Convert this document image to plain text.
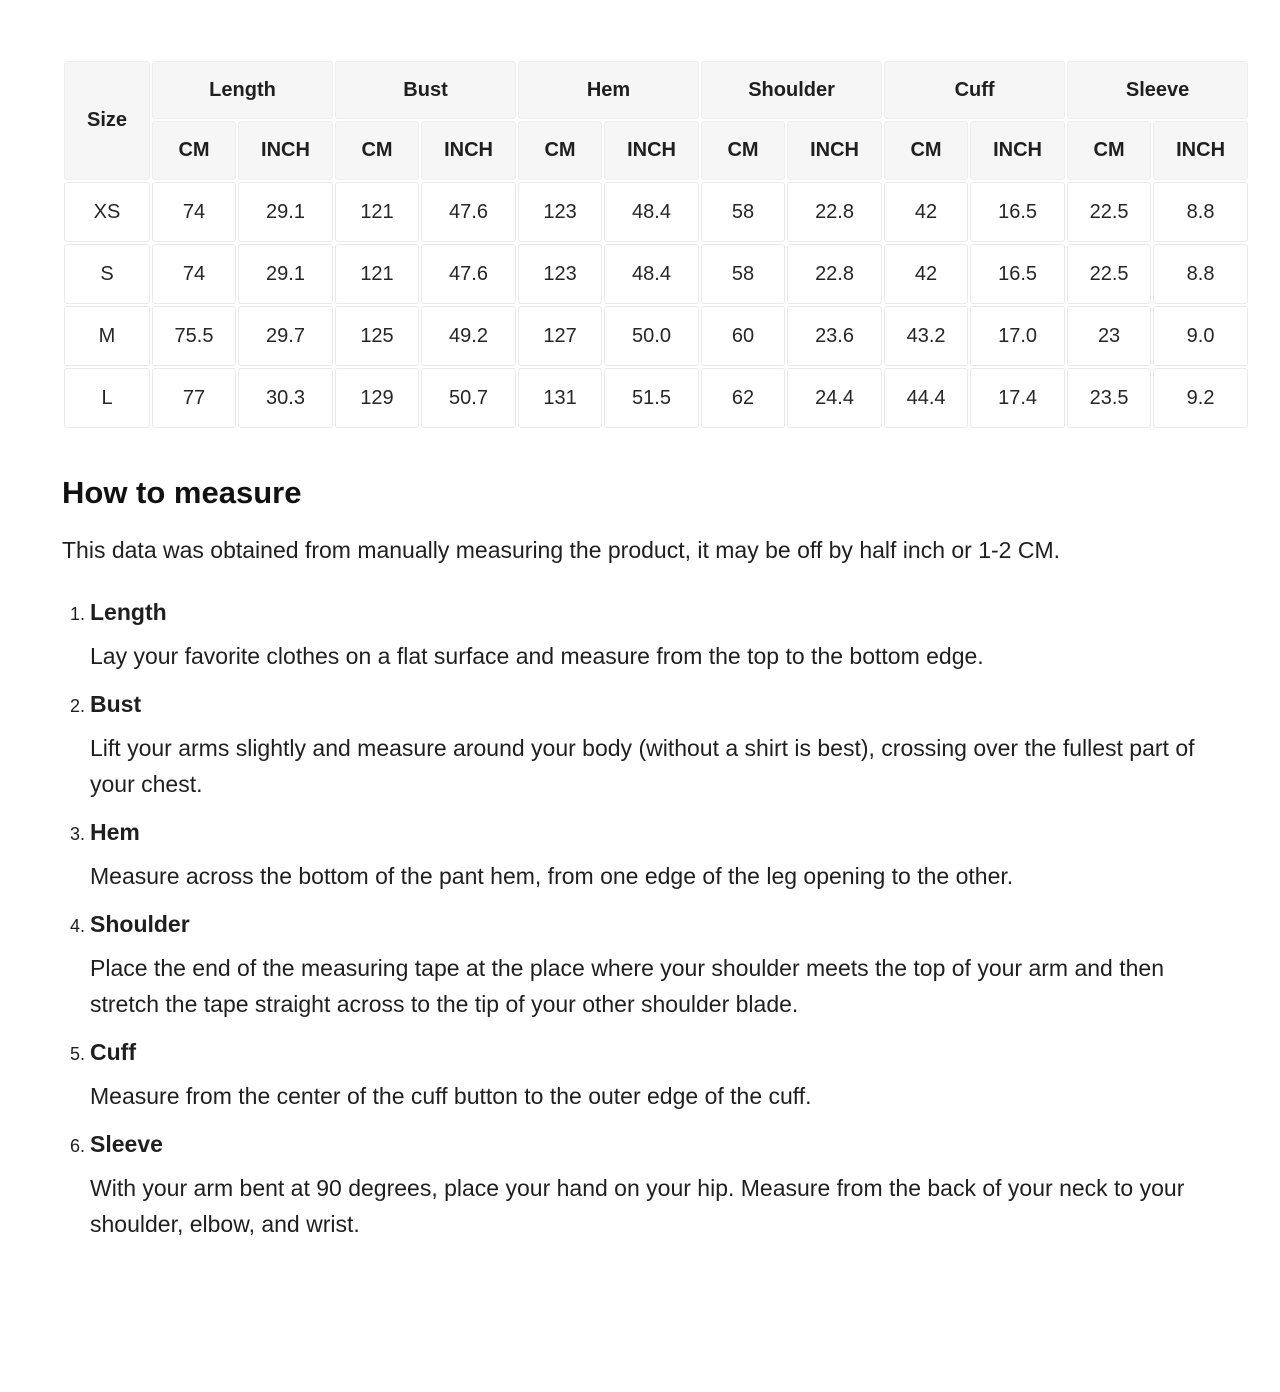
Size	Length		Bust		Hem		Shoulder		Cuff		Sleeve	
	CM	INCH	CM	INCH	CM	INCH	CM	INCH	CM	INCH	CM	INCH
XS	74	29.1	121	47.6	123	48.4	58	22.8	42	16.5	22.5	8.8
S	74	29.1	121	47.6	123	48.4	58	22.8	42	16.5	22.5	8.8
M	75.5	29.7	125	49.2	127	50.0	60	23.6	43.2	17.0	23	9.0
L	77	30.3	129	50.7	131	51.5	62	24.4	44.4	17.4	23.5	9.2
How to measure

This data was obtained from manually measuring the product, it may be off by half inch or 1-2 CM.

1. Length
Lay your favorite clothes on a flat surface and measure from the top to the bottom edge.
2. Bust
Lift your arms slightly and measure around your body (without a shirt is best), crossing over the fullest part of your chest.
3. Hem
Measure across the bottom of the pant hem, from one edge of the leg opening to the other.
4. Shoulder
Place the end of the measuring tape at the place where your shoulder meets the top of your arm and then stretch the tape straight across to the tip of your other shoulder blade.
5. Cuff
Measure from the center of the cuff button to the outer edge of the cuff.
6. Sleeve
With your arm bent at 90 degrees, place your hand on your hip. Measure from the back of your neck to your shoulder, elbow, and wrist.
